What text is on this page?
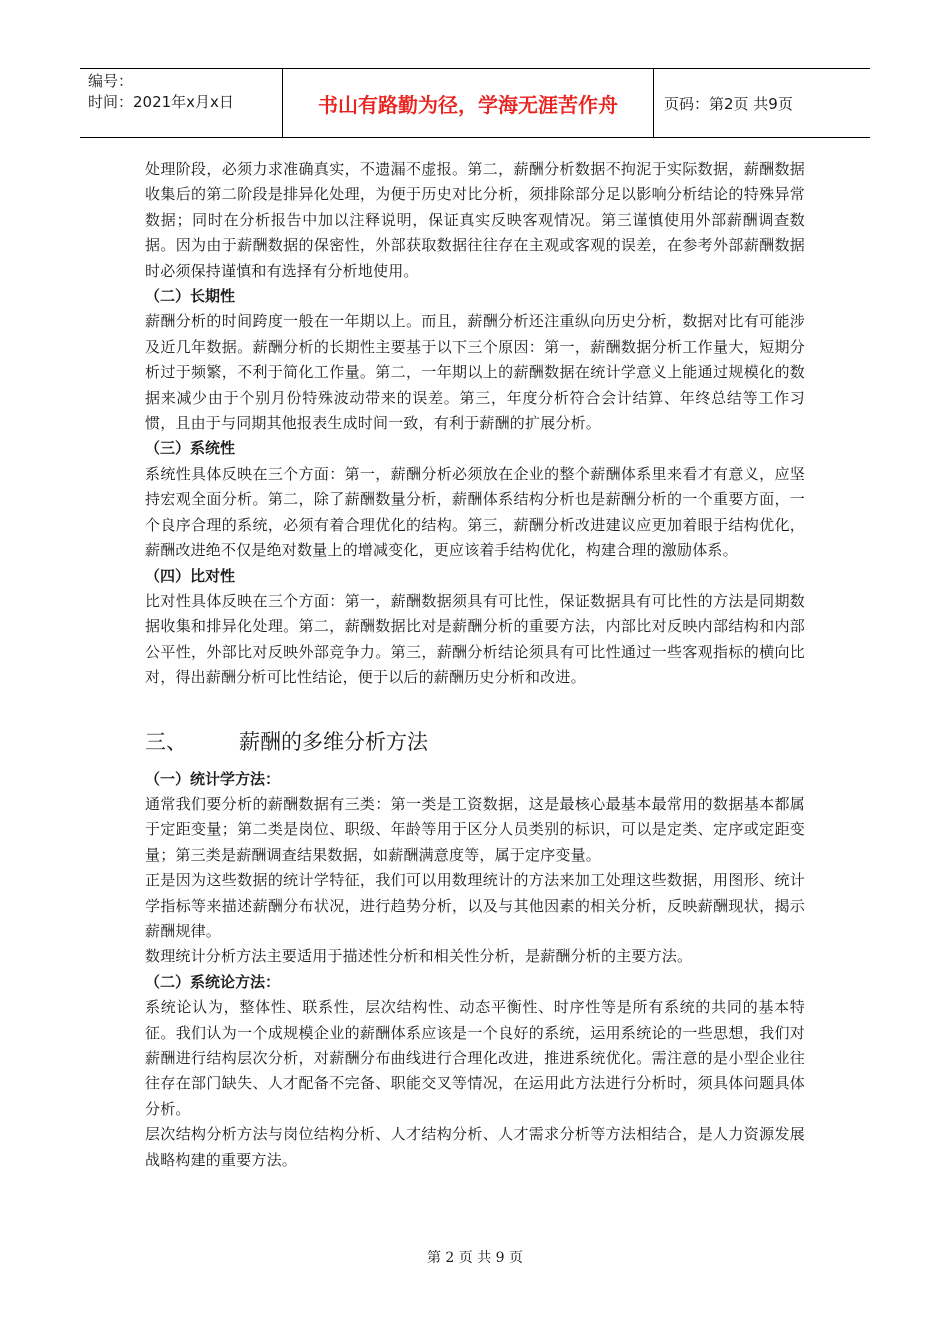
编号：
时间：2021年x月x日	书山有路勤为径，学海无涯苦作舟	页码：第2页 共9页

处理阶段，必须力求准确真实，不遗漏不虚报。第二，薪酬分析数据不拘泥于实际数据，薪酬数据收集后的第二阶段是排异化处理，为便于历史对比分析，须排除部分足以影响分析结论的特殊异常数据；同时在分析报告中加以注释说明，保证真实反映客观情况。第三谨慎使用外部薪酬调查数据。因为由于薪酬数据的保密性，外部获取数据往往存在主观或客观的误差，在参考外部薪酬数据时必须保持谨慎和有选择有分析地使用。

（二）长期性

薪酬分析的时间跨度一般在一年期以上。而且，薪酬分析还注重纵向历史分析，数据对比有可能涉及近几年数据。薪酬分析的长期性主要基于以下三个原因：第一，薪酬数据分析工作量大，短期分析过于频繁，不利于简化工作量。第二，一年期以上的薪酬数据在统计学意义上能通过规模化的数据来减少由于个别月份特殊波动带来的误差。第三，年度分析符合会计结算、年终总结等工作习惯，且由于与同期其他报表生成时间一致，有利于薪酬的扩展分析。

（三）系统性

系统性具体反映在三个方面：第一，薪酬分析必须放在企业的整个薪酬体系里来看才有意义，应坚持宏观全面分析。第二，除了薪酬数量分析，薪酬体系结构分析也是薪酬分析的一个重要方面，一个良序合理的系统，必须有着合理优化的结构。第三，薪酬分析改进建议应更加着眼于结构优化，薪酬改进绝不仅是绝对数量上的增减变化，更应该着手结构优化，构建合理的激励体系。

（四）比对性

比对性具体反映在三个方面：第一，薪酬数据须具有可比性，保证数据具有可比性的方法是同期数据收集和排异化处理。第二，薪酬数据比对是薪酬分析的重要方法，内部比对反映内部结构和内部公平性，外部比对反映外部竞争力。第三，薪酬分析结论须具有可比性通过一些客观指标的横向比对，得出薪酬分析可比性结论，便于以后的薪酬历史分析和改进。

三、	薪酬的多维分析方法

（一）统计学方法：

通常我们要分析的薪酬数据有三类：第一类是工资数据，这是最核心最基本最常用的数据基本都属于定距变量；第二类是岗位、职级、年龄等用于区分人员类别的标识，可以是定类、定序或定距变量；第三类是薪酬调查结果数据，如薪酬满意度等，属于定序变量。

正是因为这些数据的统计学特征，我们可以用数理统计的方法来加工处理这些数据，用图形、统计学指标等来描述薪酬分布状况，进行趋势分析，以及与其他因素的相关分析，反映薪酬现状，揭示薪酬规律。

数理统计分析方法主要适用于描述性分析和相关性分析，是薪酬分析的主要方法。

（二）系统论方法：

系统论认为，整体性、联系性，层次结构性、动态平衡性、时序性等是所有系统的共同的基本特征。我们认为一个成规模企业的薪酬体系应该是一个良好的系统，运用系统论的一些思想，我们对薪酬进行结构层次分析，对薪酬分布曲线进行合理化改进，推进系统优化。需注意的是小型企业往往存在部门缺失、人才配备不完备、职能交叉等情况，在运用此方法进行分析时，须具体问题具体分析。

层次结构分析方法与岗位结构分析、人才结构分析、人才需求分析等方法相结合，是人力资源发展战略构建的重要方法。

第 2 页 共 9 页
